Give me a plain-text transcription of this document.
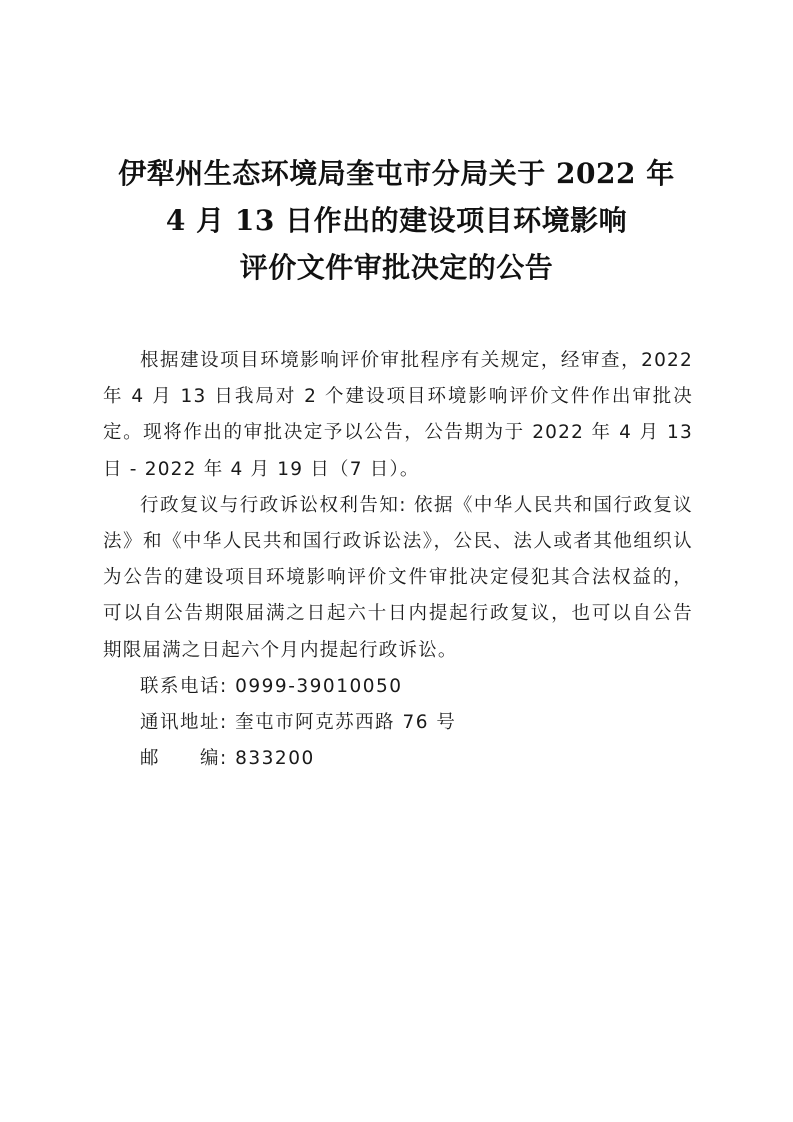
伊犁州生态环境局奎屯市分局关于 2022 年
4 月 13 日作出的建设项目环境影响
评价文件审批决定的公告

根据建设项目环境影响评价审批程序有关规定，经审查，2022 年 4 月 13 日我局对 2 个建设项目环境影响评价文件作出审批决定。现将作出的审批决定予以公告，公告期为于 2022 年 4 月 13 日 - 2022 年 4 月 19 日（7 日）。

行政复议与行政诉讼权利告知: 依据《中华人民共和国行政复议法》和《中华人民共和国行政诉讼法》，公民、法人或者其他组织认为公告的建设项目环境影响评价文件审批决定侵犯其合法权益的，可以自公告期限届满之日起六十日内提起行政复议，也可以自公告期限届满之日起六个月内提起行政诉讼。

联系电话: 0999-39010050

通讯地址: 奎屯市阿克苏西路 76 号

邮　　编: 833200
